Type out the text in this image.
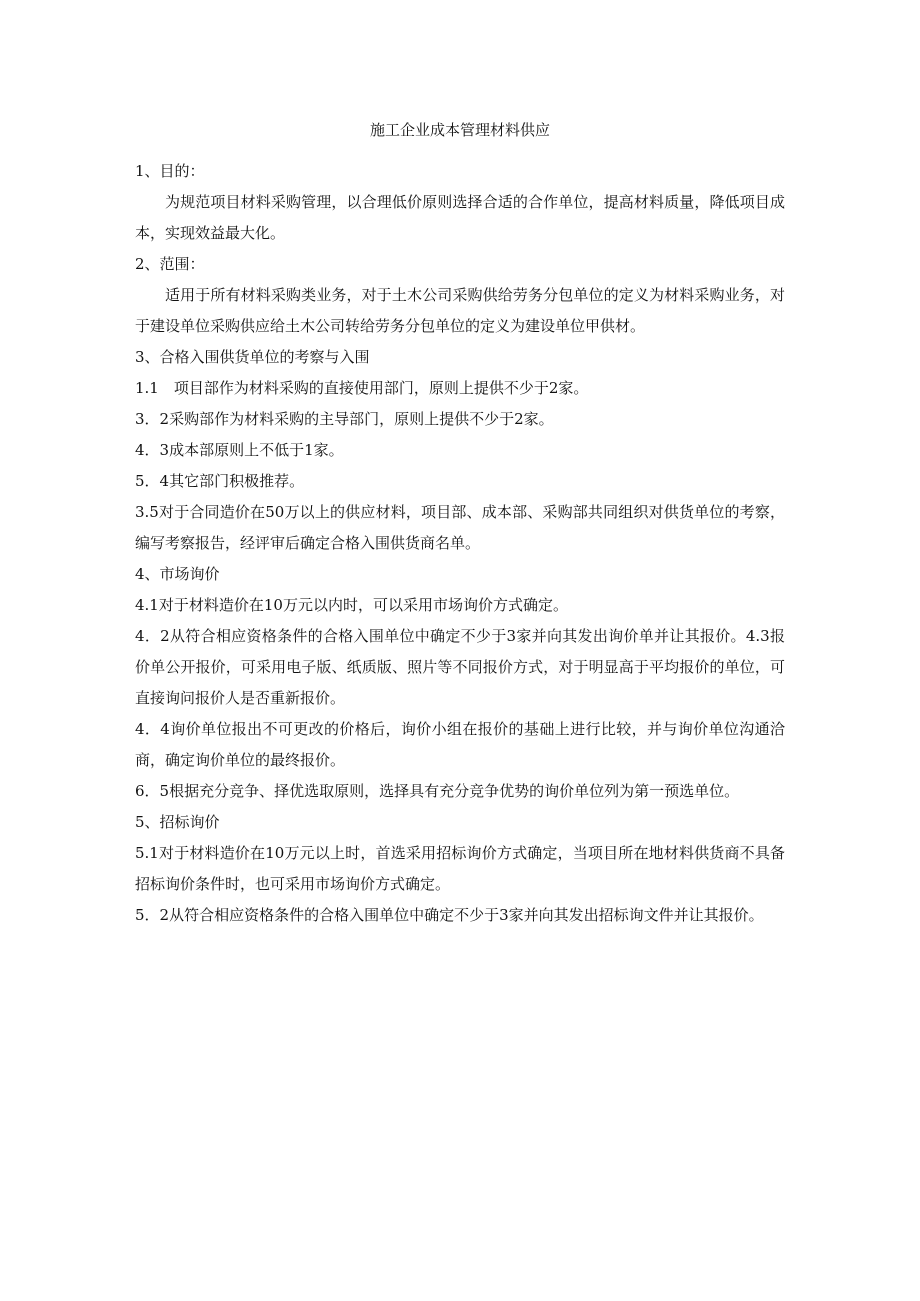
施工企业成本管理材料供应

1、目的：

为规范项目材料采购管理，以合理低价原则选择合适的合作单位，提高材料质量，降低项目成本，实现效益最大化。

2、范围：

适用于所有材料采购类业务，对于土木公司采购供给劳务分包单位的定义为材料采购业务，对于建设单位采购供应给土木公司转给劳务分包单位的定义为建设单位甲供材。

3、合格入围供货单位的考察与入围

1.1　项目部作为材料采购的直接使用部门，原则上提供不少于2家。

3．2采购部作为材料采购的主导部门，原则上提供不少于2家。

4．3成本部原则上不低于1家。

5．4其它部门积极推荐。

3.5对于合同造价在50万以上的供应材料，项目部、成本部、采购部共同组织对供货单位的考察，编写考察报告，经评审后确定合格入围供货商名单。

4、市场询价

4.1对于材料造价在10万元以内时，可以采用市场询价方式确定。

4．2从符合相应资格条件的合格入围单位中确定不少于3家并向其发出询价单并让其报价。4.3报价单公开报价，可采用电子版、纸质版、照片等不同报价方式，对于明显高于平均报价的单位，可直接询问报价人是否重新报价。

4．4询价单位报出不可更改的价格后，询价小组在报价的基础上进行比较，并与询价单位沟通洽商，确定询价单位的最终报价。

6．5根据充分竞争、择优选取原则，选择具有充分竞争优势的询价单位列为第一预选单位。

5、招标询价

5.1对于材料造价在10万元以上时，首选采用招标询价方式确定，当项目所在地材料供货商不具备招标询价条件时，也可采用市场询价方式确定。

5．2从符合相应资格条件的合格入围单位中确定不少于3家并向其发出招标询文件并让其报价。
